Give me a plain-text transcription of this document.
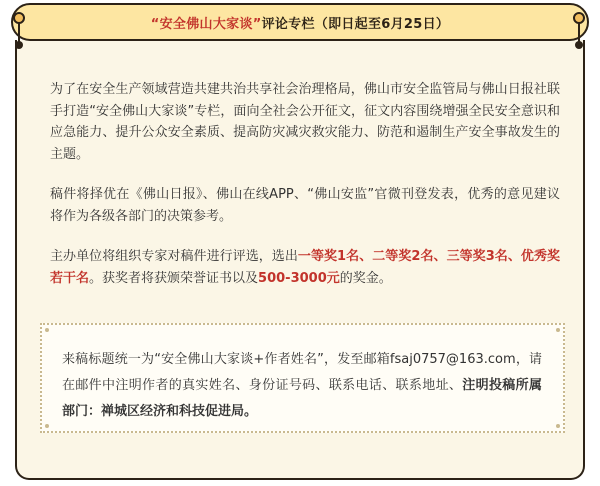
“安全佛山大家谈”评论专栏（即日起至6月25日）
为了在安全生产领域营造共建共治共享社会治理格局，佛山市安全监管局与佛山日报社联手打造“安全佛山大家谈”专栏，面向全社会公开征文，征文内容围绕增强全民安全意识和应急能力、提升公众安全素质、提高防灾减灾救灾能力、防范和遏制生产安全事故发生的主题。
稿件将择优在《佛山日报》、佛山在线APP、“佛山安监”官微刊登发表，优秀的意见建议将作为各级各部门的决策参考。
主办单位将组织专家对稿件进行评选，选出一等奖1名、二等奖2名、三等奖3名、优秀奖若干名。获奖者将获颁荣誉证书以及500-3000元的奖金。
来稿标题统一为“安全佛山大家谈+作者姓名”，发至邮箱fsaj0757@163.com，请在邮件中注明作者的真实姓名、身份证号码、联系电话、联系地址、注明投稿所属部门：禅城区经济和科技促进局。
